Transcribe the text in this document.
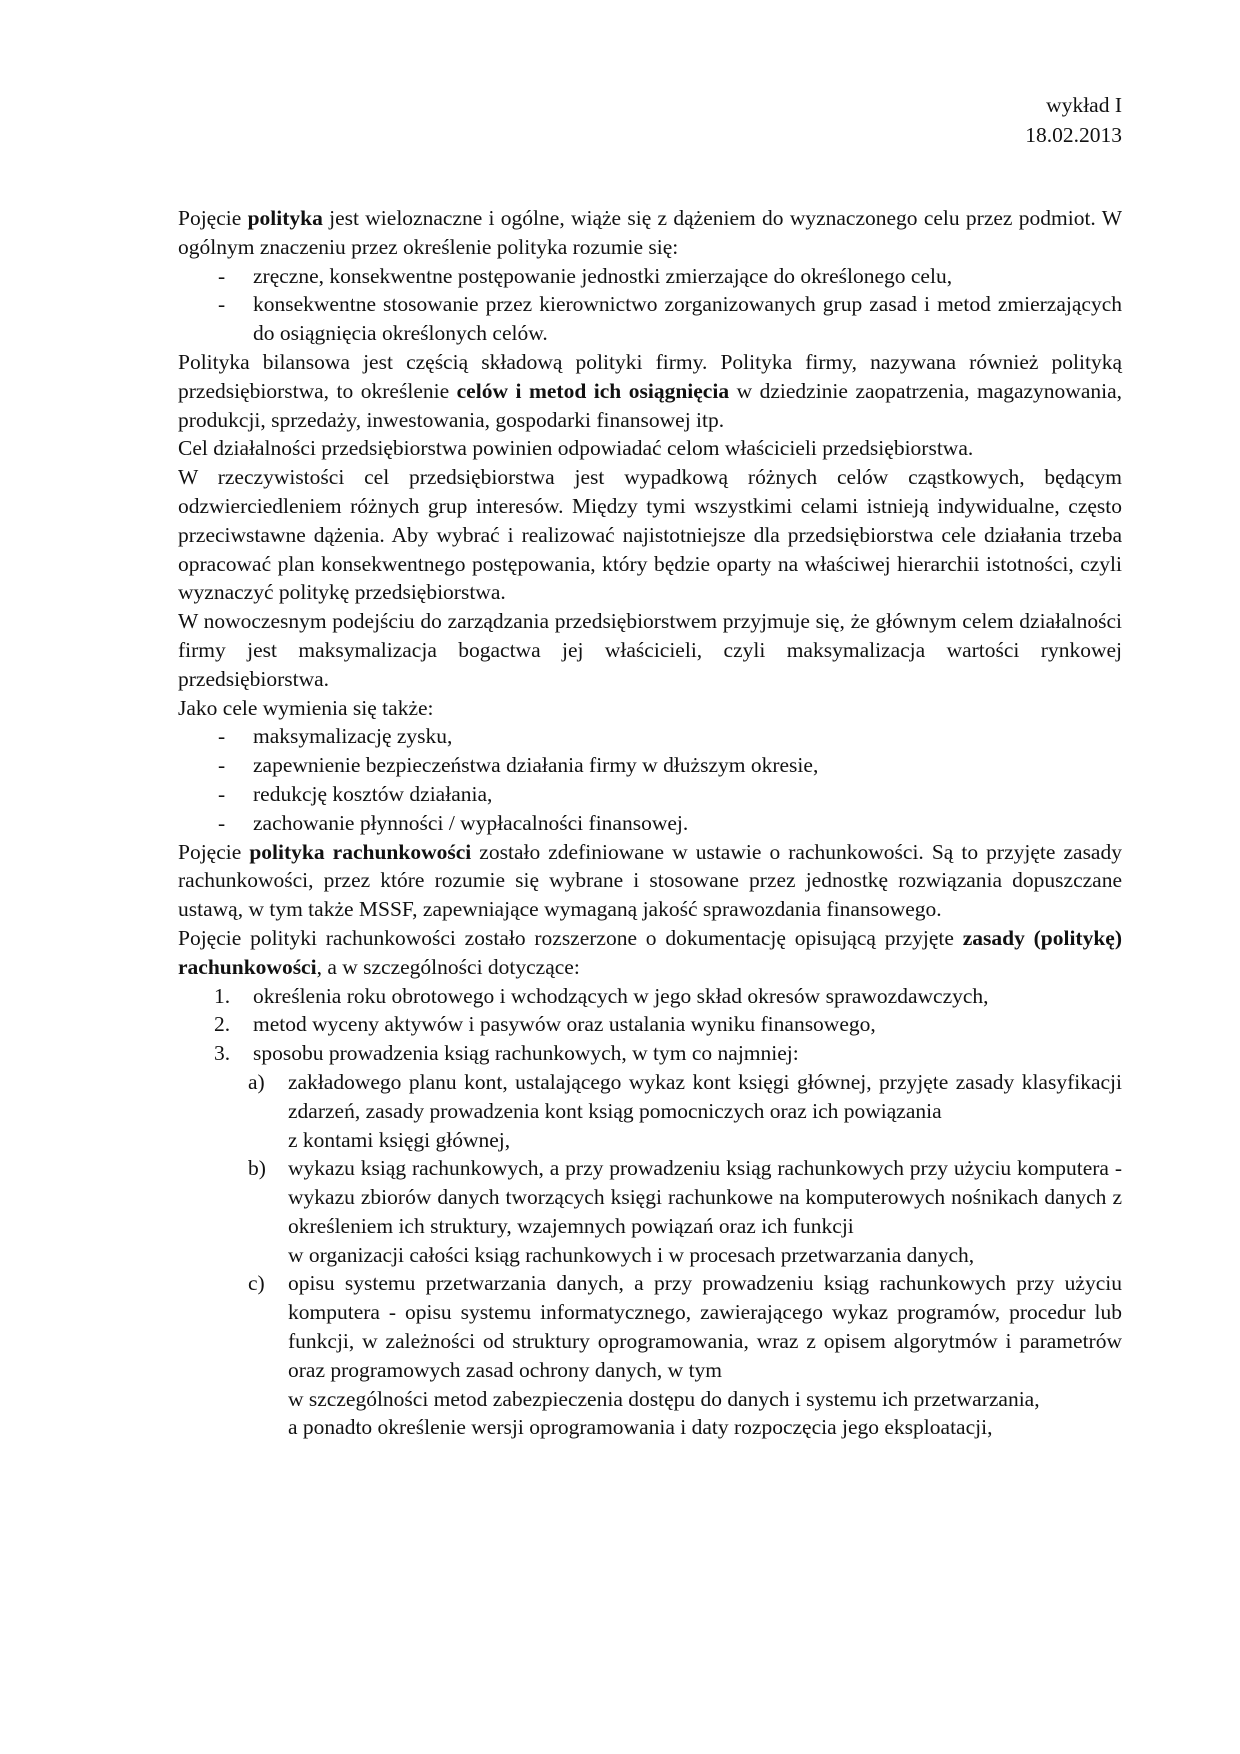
wykład I
18.02.2013

Pojęcie polityka jest wieloznaczne i ogólne, wiąże się z dążeniem do wyznaczonego celu przez podmiot. W ogólnym znaczeniu przez określenie polityka rozumie się:

- zręczne, konsekwentne postępowanie jednostki zmierzające do określonego celu,
- konsekwentne stosowanie przez kierownictwo zorganizowanych grup zasad i metod zmierzających do osiągnięcia określonych celów.

Polityka bilansowa jest częścią składową polityki firmy. Polityka firmy, nazywana również polityką przedsiębiorstwa, to określenie celów i metod ich osiągnięcia w dziedzinie zaopatrzenia, magazynowania, produkcji, sprzedaży, inwestowania, gospodarki finansowej itp.

Cel działalności przedsiębiorstwa powinien odpowiadać celom właścicieli przedsiębiorstwa.

W rzeczywistości cel przedsiębiorstwa jest wypadkową różnych celów cząstkowych, będącym odzwierciedleniem różnych grup interesów. Między tymi wszystkimi celami istnieją indywidualne, często przeciwstawne dążenia. Aby wybrać i realizować najistotniejsze dla przedsiębiorstwa cele działania trzeba opracować plan konsekwentnego postępowania, który będzie oparty na właściwej hierarchii istotności, czyli wyznaczyć politykę przedsiębiorstwa.

W nowoczesnym podejściu do zarządzania przedsiębiorstwem przyjmuje się, że głównym celem działalności firmy jest maksymalizacja bogactwa jej właścicieli, czyli maksymalizacja wartości rynkowej przedsiębiorstwa.

Jako cele wymienia się także:

- maksymalizację zysku,
- zapewnienie bezpieczeństwa działania firmy w dłuższym okresie,
- redukcję kosztów działania,
- zachowanie płynności / wypłacalności finansowej.

Pojęcie polityka rachunkowości zostało zdefiniowane w ustawie o rachunkowości. Są to przyjęte zasady rachunkowości, przez które rozumie się wybrane i stosowane przez jednostkę rozwiązania dopuszczane ustawą, w tym także MSSF, zapewniające wymaganą jakość sprawozdania finansowego.

Pojęcie polityki rachunkowości zostało rozszerzone o dokumentację opisującą przyjęte zasady (politykę) rachunkowości, a w szczególności dotyczące:

1. określenia roku obrotowego i wchodzących w jego skład okresów sprawozdawczych,
2. metod wyceny aktywów i pasywów oraz ustalania wyniku finansowego,
3. sposobu prowadzenia ksiąg rachunkowych, w tym co najmniej:
a) zakładowego planu kont, ustalającego wykaz kont księgi głównej, przyjęte zasady klasyfikacji zdarzeń, zasady prowadzenia kont ksiąg pomocniczych oraz ich powiązania
z kontami księgi głównej,
b) wykazu ksiąg rachunkowych, a przy prowadzeniu ksiąg rachunkowych przy użyciu komputera - wykazu zbiorów danych tworzących księgi rachunkowe na komputerowych nośnikach danych z określeniem ich struktury, wzajemnych powiązań oraz ich funkcji
w organizacji całości ksiąg rachunkowych i w procesach przetwarzania danych,
c) opisu systemu przetwarzania danych, a przy prowadzeniu ksiąg rachunkowych przy użyciu komputera - opisu systemu informatycznego, zawierającego wykaz programów, procedur lub funkcji, w zależności od struktury oprogramowania, wraz z opisem algorytmów i parametrów oraz programowych zasad ochrony danych, w tym
w szczególności metod zabezpieczenia dostępu do danych i systemu ich przetwarzania,
a ponadto określenie wersji oprogramowania i daty rozpoczęcia jego eksploatacji,
